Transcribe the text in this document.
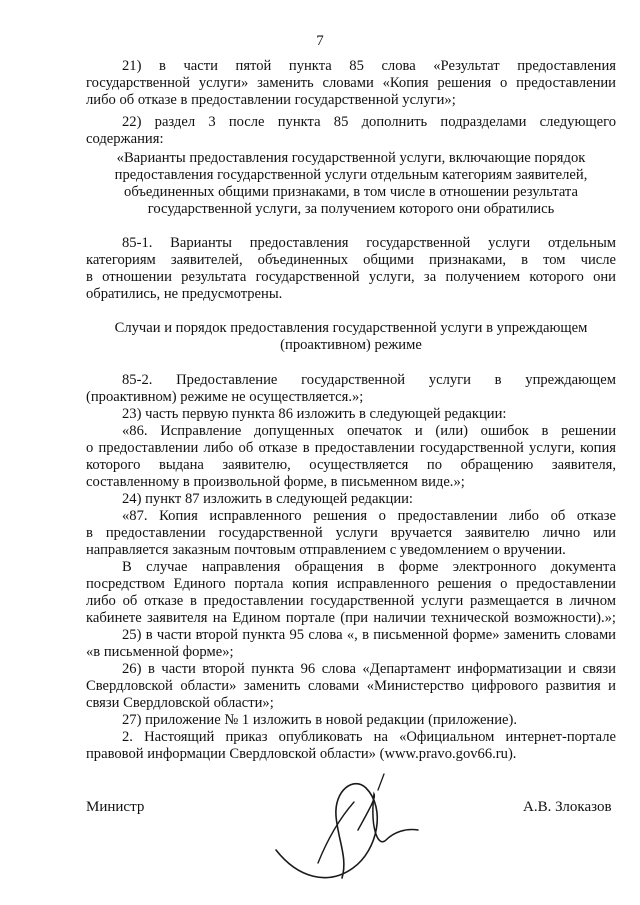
7
21) в части пятой пункта 85 слова «Результат предоставления
государственной услуги» заменить словами «Копия решения о предоставлении
либо об отказе в предоставлении государственной услуги»;
22) раздел 3 после пункта 85 дополнить подразделами следующего
содержания:
«Варианты предоставления государственной услуги, включающие порядок
предоставления государственной услуги отдельным категориям заявителей,
объединенных общими признаками, в том числе в отношении результата
государственной услуги, за получением которого они обратились
85-1. Варианты предоставления государственной услуги отдельным
категориям заявителей, объединенных общими признаками, в том числе
в отношении результата государственной услуги, за получением которого они
обратились, не предусмотрены.
Случаи и порядок предоставления государственной услуги в упреждающем
(проактивном) режиме
85-2. Предоставление государственной услуги в упреждающем
(проактивном) режиме не осуществляется.»;
23) часть первую пункта 86 изложить в следующей редакции:
«86. Исправление допущенных опечаток и (или) ошибок в решении
о предоставлении либо об отказе в предоставлении государственной услуги, копия
которого выдана заявителю, осуществляется по обращению заявителя,
составленному в произвольной форме, в письменном виде.»;
24) пункт 87 изложить в следующей редакции:
«87. Копия исправленного решения о предоставлении либо об отказе
в предоставлении государственной услуги вручается заявителю лично или
направляется заказным почтовым отправлением с уведомлением о вручении.
В случае направления обращения в форме электронного документа
посредством Единого портала копия исправленного решения о предоставлении
либо об отказе в предоставлении государственной услуги размещается в личном
кабинете заявителя на Едином портале (при наличии технической возможности).»;
25) в части второй пункта 95 слова «, в письменной форме» заменить словами
«в письменной форме»;
26) в части второй пункта 96 слова «Департамент информатизации и связи
Свердловской области» заменить словами «Министерство цифрового развития и
связи Свердловской области»;
27) приложение № 1 изложить в новой редакции (приложение).
2. Настоящий приказ опубликовать на «Официальном интернет-портале
правовой информации Свердловской области» (www.pravo.gov66.ru).
Министр	А.В. Злоказов
